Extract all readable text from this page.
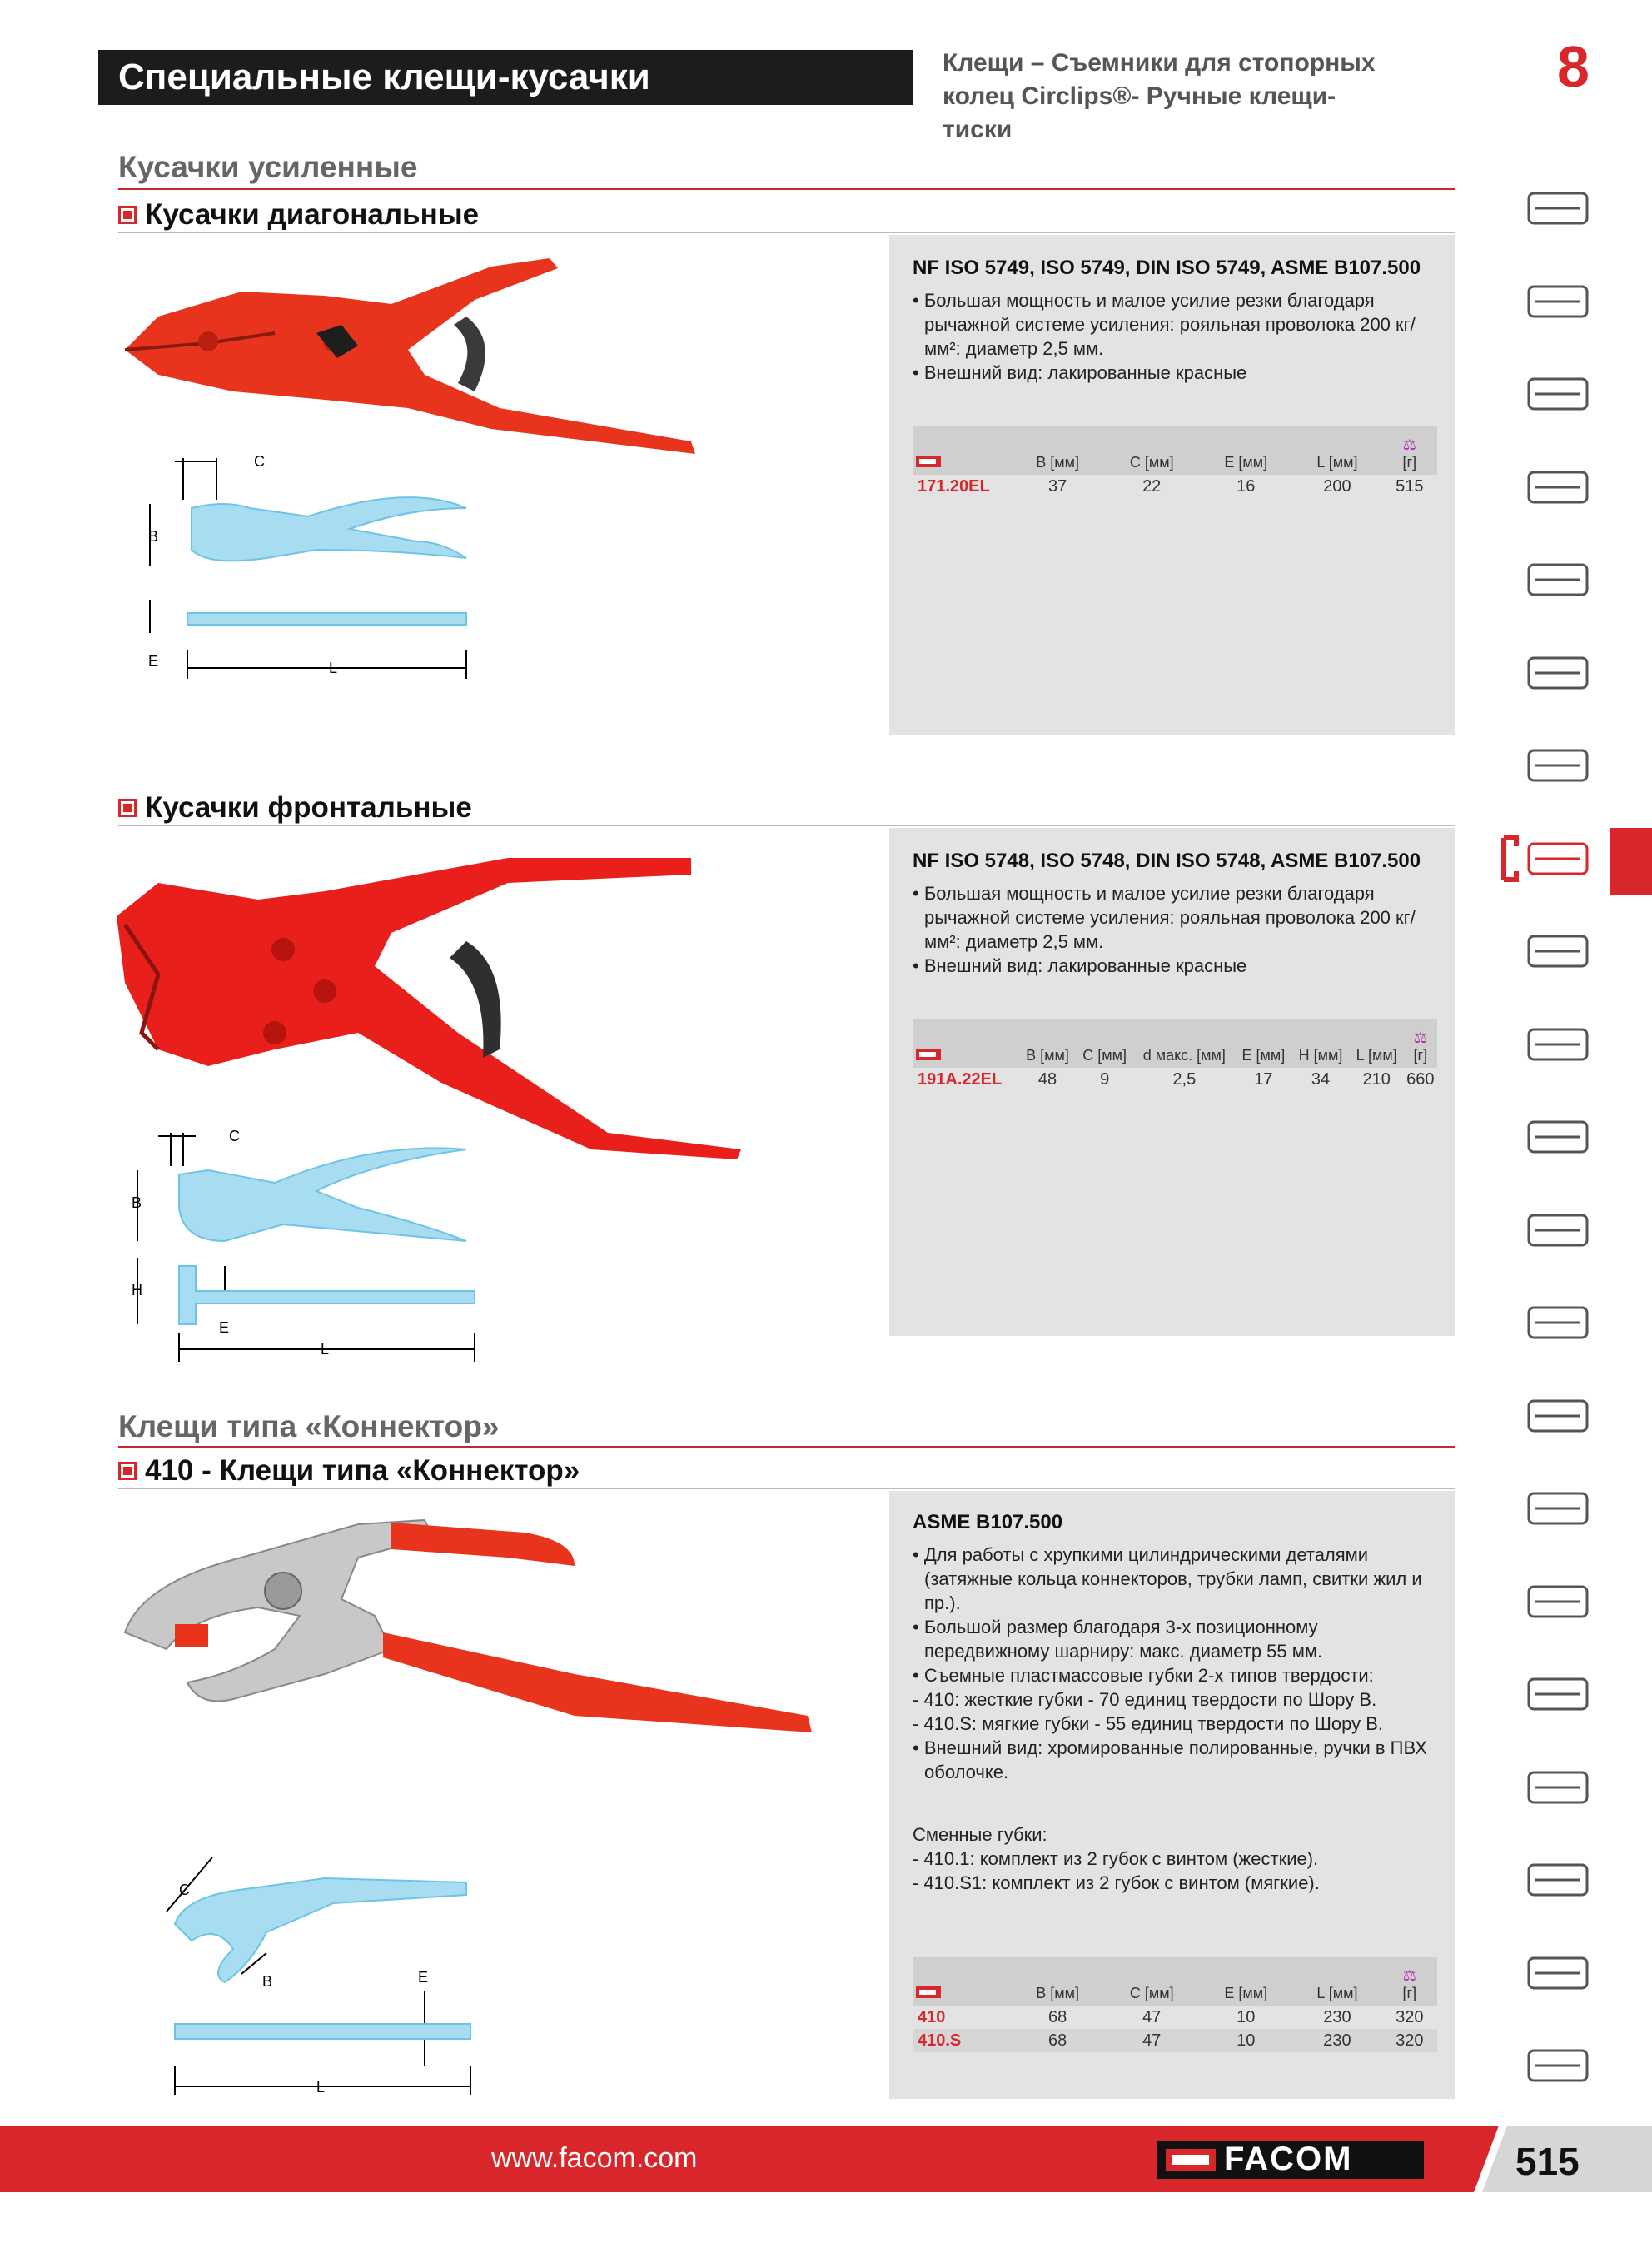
Специальные клещи-кусачки	Клещи – Съемники для стопорных
колец Circlips®- Ручные клещи-тиски
8
Кусачки усиленные
Кусачки диагональные
C
B
E	L
NF ISO 5749, ISO 5749, DIN ISO 5749, ASME B107.500
• Большая мощность и малое усилие резки благодаря рычажной системе усиления: рояльная проволока 200 кг/мм²: диаметр 2,5 мм.
• Внешний вид: лакированные красные
	B [мм]	C [мм]	E [мм]	L [мм]	⚖
[г]
171.20EL	37	22	16	200	515
Кусачки фронтальные
C
B
H
E
L
NF ISO 5748, ISO 5748, DIN ISO 5748, ASME B107.500
• Большая мощность и малое усилие резки благодаря рычажной системе усиления: рояльная проволока 200 кг/мм²: диаметр 2,5 мм.
• Внешний вид: лакированные красные
	B [мм]	C [мм]	d макс. [мм]	E [мм]	H [мм]	L [мм]	⚖
[г]
191A.22EL	48	9	2,5	17	34	210	660
Клещи типа «Коннектор»
410 - Клещи типа «Коннектор»
C
B	E
L
ASME B107.500
• Для работы с хрупкими цилиндрическими деталями (затяжные кольца коннекторов, трубки ламп, свитки жил и пр.).
• Большой размер благодаря 3-х позиционному передвижному шарниру: макс. диаметр 55 мм.
• Съемные пластмассовые губки 2-х типов твердости:
- 410: жесткие губки - 70 единиц твердости по Шору В.
- 410.S: мягкие губки - 55 единиц твердости по Шору В.
• Внешний вид: хромированные полированные, ручки в ПВХ оболочке.
Сменные губки:
- 410.1: комплект из 2 губок с винтом (жесткие).
- 410.S1: комплект из 2 губок с винтом (мягкие).
	B [мм]	C [мм]	E [мм]	L [мм]	⚖
[г]
410	68	47	10	230	320
410.S	68	47	10	230	320
www.facom.com	FACOM	515
